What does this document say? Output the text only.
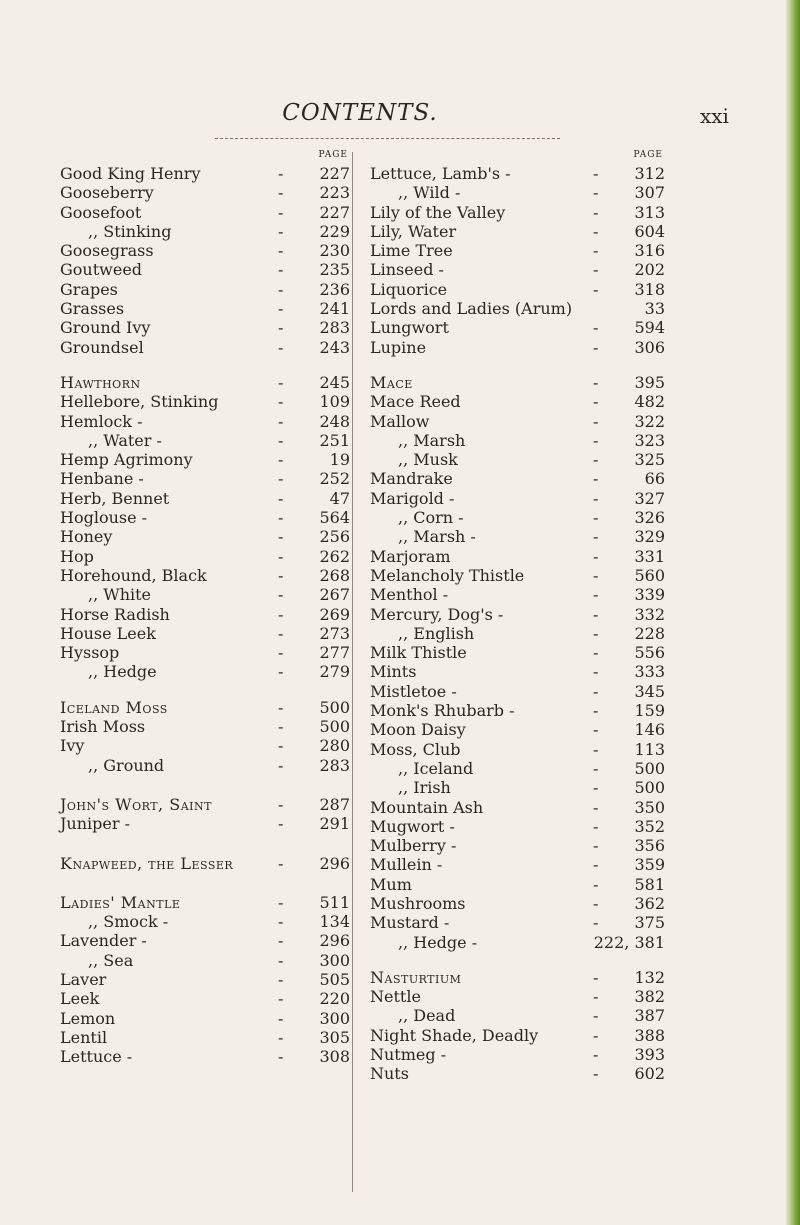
CONTENTS.	xxi
PAGE
Good King Henry	- 227
Gooseberry	- 223
Goosefoot	- 227
,, Stinking	- 229
Goosegrass	- 230
Goutweed	- 235
Grapes	- 236
Grasses	- 241
Ground Ivy	- 283
Groundsel	- 243
Hawthorn	- 245
Hellebore, Stinking	- 109
Hemlock -	- 248
,, Water -	- 251
Hemp Agrimony	-	19
Henbane -	- 252
Herb, Bennet	-	47
Hoglouse -	- 564
Honey	- 256
Hop	- 262
Horehound, Black	- 268
,, White	- 267
Horse Radish	- 269
House Leek	- 273
Hyssop	- 277
,, Hedge	- 279
Iceland Moss	- 500
Irish Moss	- 500
Ivy	- 280
,, Ground	- 283
John's Wort, Saint	- 287
Juniper -	- 291
Knapweed, the Lesser	- 296
Ladies' Mantle	- 511
,, Smock -	- 134
Lavender -	- 296
,, Sea	- 300
Laver	- 505
Leek	- 220
Lemon	- 300
Lentil	- 305
Lettuce -	- 308
PAGE
Lettuce, Lamb's -	- 312
,, Wild -	- 307
Lily of the Valley	- 313
Lily, Water	- 604
Lime Tree	- 316
Linseed -	- 202
Liquorice	- 318
Lords and Ladies (Arum)	33
Lungwort	- 594
Lupine	- 306
Mace	- 395
Mace Reed	- 482
Mallow	- 322
,, Marsh	- 323
,, Musk	- 325
Mandrake	-	66
Marigold -	- 327
,, Corn -	- 326
,, Marsh -	- 329
Marjoram	- 331
Melancholy Thistle	- 560
Menthol -	- 339
Mercury, Dog's -	- 332
,, English	- 228
Milk Thistle	- 556
Mints	- 333
Mistletoe -	- 345
Monk's Rhubarb -	- 159
Moon Daisy	- 146
Moss, Club	- 113
,, Iceland	- 500
,, Irish	- 500
Mountain Ash	- 350
Mugwort -	- 352
Mulberry -	- 356
Mullein -	- 359
Mum	- 581
Mushrooms	- 362
Mustard -	- 375
,, Hedge -	222, 381
Nasturtium	- 132
Nettle	- 382
,, Dead	- 387
Night Shade, Deadly	- 388
Nutmeg -	- 393
Nuts	- 602
